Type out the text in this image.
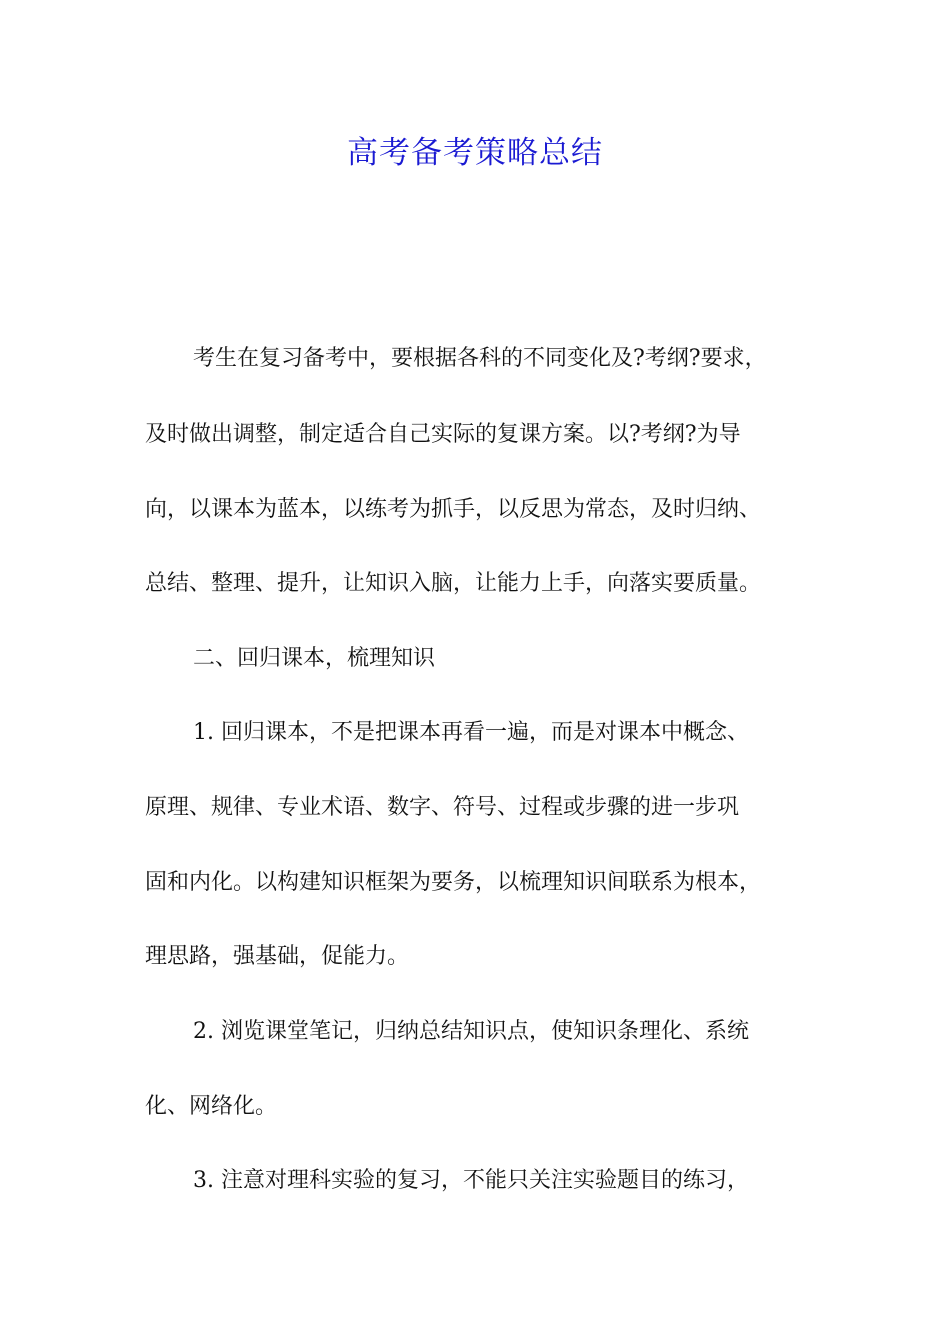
高考备考策略总结
考生在复习备考中，要根据各科的不同变化及?考纲?要求，
及时做出调整，制定适合自己实际的复课方案。以?考纲?为导
向，以课本为蓝本，以练考为抓手，以反思为常态，及时归纳、
总结、整理、提升，让知识入脑，让能力上手，向落实要质量。
二、回归课本，梳理知识
1. 回归课本，不是把课本再看一遍，而是对课本中概念、
原理、规律、专业术语、数字、符号、过程或步骤的进一步巩
固和内化。以构建知识框架为要务，以梳理知识间联系为根本，
理思路，强基础，促能力。
2. 浏览课堂笔记，归纳总结知识点，使知识条理化、系统
化、网络化。
3. 注意对理科实验的复习，不能只关注实验题目的练习，
